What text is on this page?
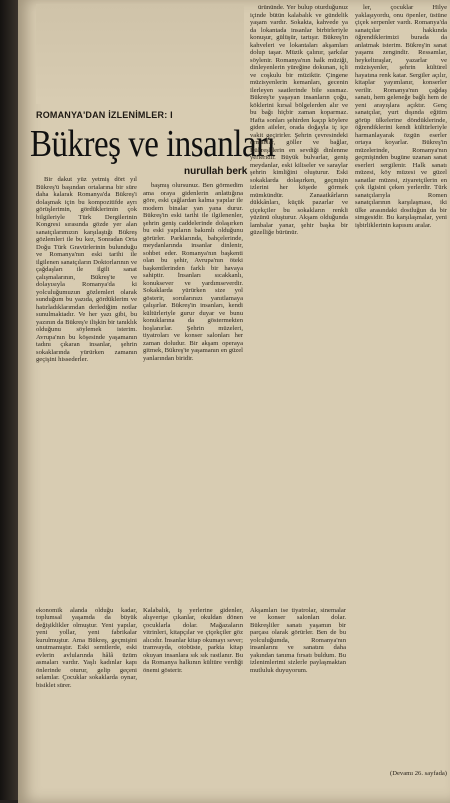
ROMANYA'DAN İZLENİMLER: I
Bükreş ve insanları
nurullah berk

Bir dakut yüz yetmiş dört yıl Bükreş'ü başından ortalarına bir süre daha kalarak Romanya'da Bükreş'i dolaşmak için bu kompozitifde ayrı görüşlerimin, gördüklerimin çok bilgileriyle Türk Dergilerinin Kongresi sırasında gözde yer alan sanatçılarımızın karşılaştığı Bükreş gözlemleri ile bu kez, Sonradan Orta Doğu Türk Gravürlerinin bulunduğu ve Romanya'nın eski tarihi ile ilgilenen sanatçıların Doktorlarının ve çağdaşları ile ilgili sanat çalışmalarının, Bükreş'te ve dolayısıyla Romanya'da ki yolculuğumuzun gözlemleri olarak sunduğum bu yazıda, gördüklerim ve hatırladıklarımdan derlediğim notlar sunulmaktadır. Ve her yazı gibi, bu yazının da Bükreş'e ilişkin bir tanıklık olduğunu söylemek isterim. Avrupa'nın bu köşesinde yaşamanın tadını çıkaran insanlar, şehrin sokaklarında yürürken zamanın geçişini hissederler.

başmış olursunuz. Ben görmedim ama oraya gidenlerin anlattığına göre, eski çağlardan kalma yapılar ile modern binalar yan yana durur. Bükreş'in eski tarihi ile ilgilenenler, şehrin geniş caddelerinde dolaşırken bu eski yapıların bakımlı olduğunu görürler. Parklarında, bahçelerinde, meydanlarında insanlar dinlenir, sohbet eder. Romanya'nın başkenti olan bu şehir, Avrupa'nın öteki başkentlerinden farklı bir havaya sahiptir. İnsanları sıcakkanlı, konuksever ve yardımseverdir. Sokaklarda yürürken size yol gösterir, sorularınızı yanıtlamaya çalışırlar. Bükreş'in insanları, kendi kültürleriyle gurur duyar ve bunu konuklarına da göstermekten hoşlanırlar. Şehrin müzeleri, tiyatroları ve konser salonları her zaman doludur. Bir akşam operaya gitmek, Bükreş'te yaşamanın en güzel yanlarından biridir.

ürününde. Yer bulup oturduğunuz içinde bütün kalabalık ve gündelik yaşam vardır. Sokakta, kahvede ya da lokantada insanlar birbirleriyle konuşur, gülüşür, tartışır. Bükreş'in kahveleri ve lokantaları akşamları dolup taşar. Müzik çalınır, şarkılar söylenir. Romanya'nın halk müziği, dinleyenlerin yüreğine dokunan, içli ve coşkulu bir müziktir. Çingene müzisyenlerin kemanları, gecenin ilerleyen saatlerinde bile susmaz. Bükreş'te yaşayan insanların çoğu, köklerini kırsal bölgelerden alır ve bu bağı hiçbir zaman koparmaz. Hafta sonları şehirden kaçıp köylere giden aileler, orada doğayla iç içe vakit geçirirler. Şehrin çevresindeki ormanlar, göller ve bağlar, Bükreşlilerin en sevdiği dinlenme yerleridir. Büyük bulvarlar, geniş meydanlar, eski kiliseler ve saraylar şehrin kimliğini oluşturur. Eski sokaklarda dolaşırken, geçmişin izlerini her köşede görmek mümkündür. Zanaatkârların dükkânları, küçük pazarlar ve çiçekçiler bu sokakların renkli yüzünü oluşturur. Akşam olduğunda lambalar yanar, şehir başka bir güzelliğe bürünür.

ler, çocuklar Hilye yaklaşıyordu, onu öpenler, üstüne çiçek serpenler vardı. Romanya'da sanatçılar hakkında öğrendiklerimizi burada da anlatmak isterim. Bükreş'in sanat yaşamı zengindir. Ressamlar, heykeltıraşlar, yazarlar ve müzisyenler, şehrin kültürel hayatına renk katar. Sergiler açılır, kitaplar yayımlanır, konserler verilir. Romanya'nın çağdaş sanatı, hem geleneğe bağlı hem de yeni arayışlara açıktır. Genç sanatçılar, yurt dışında eğitim görüp ülkelerine döndüklerinde, öğrendiklerini kendi kültürleriyle harmanlayarak özgün eserler ortaya koyarlar. Bükreş'in müzelerinde, Romanya'nın geçmişinden bugüne uzanan sanat eserleri sergilenir. Halk sanatı müzesi, köy müzesi ve güzel sanatlar müzesi, ziyaretçilerin en çok ilgisini çeken yerlerdir. Türk sanatçılarıyla Romen sanatçılarının karşılaşması, iki ülke arasındaki dostluğun da bir simgesidir. Bu karşılaşmalar, yeni işbirliklerinin kapısını aralar.

ekonomik alanda olduğu kadar, toplumsal yaşamda da büyük değişiklikler olmuştur. Yeni yapılar, yeni yollar, yeni fabrikalar kurulmuştur. Ama Bükreş, geçmişini unutmamıştır. Eski semtlerde, eski evlerin avlularında hâlâ üzüm asmaları vardır. Yaşlı kadınlar kapı önlerinde oturur, gelip geçeni selamlar. Çocuklar sokaklarda oynar, bisiklet sürer.

Kalabalık, iş yerlerine gidenler, alışverişe çıkanlar, okuldan dönen çocuklarla dolar. Mağazaların vitrinleri, kitapçılar ve çiçekçiler göz alıcıdır. İnsanlar kitap okumayı sever; tramvayda, otobüste, parkta kitap okuyan insanlara sık sık rastlanır. Bu da Romanya halkının kültüre verdiği önemi gösterir.

Akşamları ise tiyatrolar, sinemalar ve konser salonları dolar. Bükreşliler sanatı yaşamın bir parçası olarak görürler. Ben de bu yolculuğumda, Romanya'nın insanlarını ve sanatını daha yakından tanıma fırsatı buldum. Bu izlenimlerimi sizlerle paylaşmaktan mutluluk duyuyorum.

(Devamı 26. sayfada)
